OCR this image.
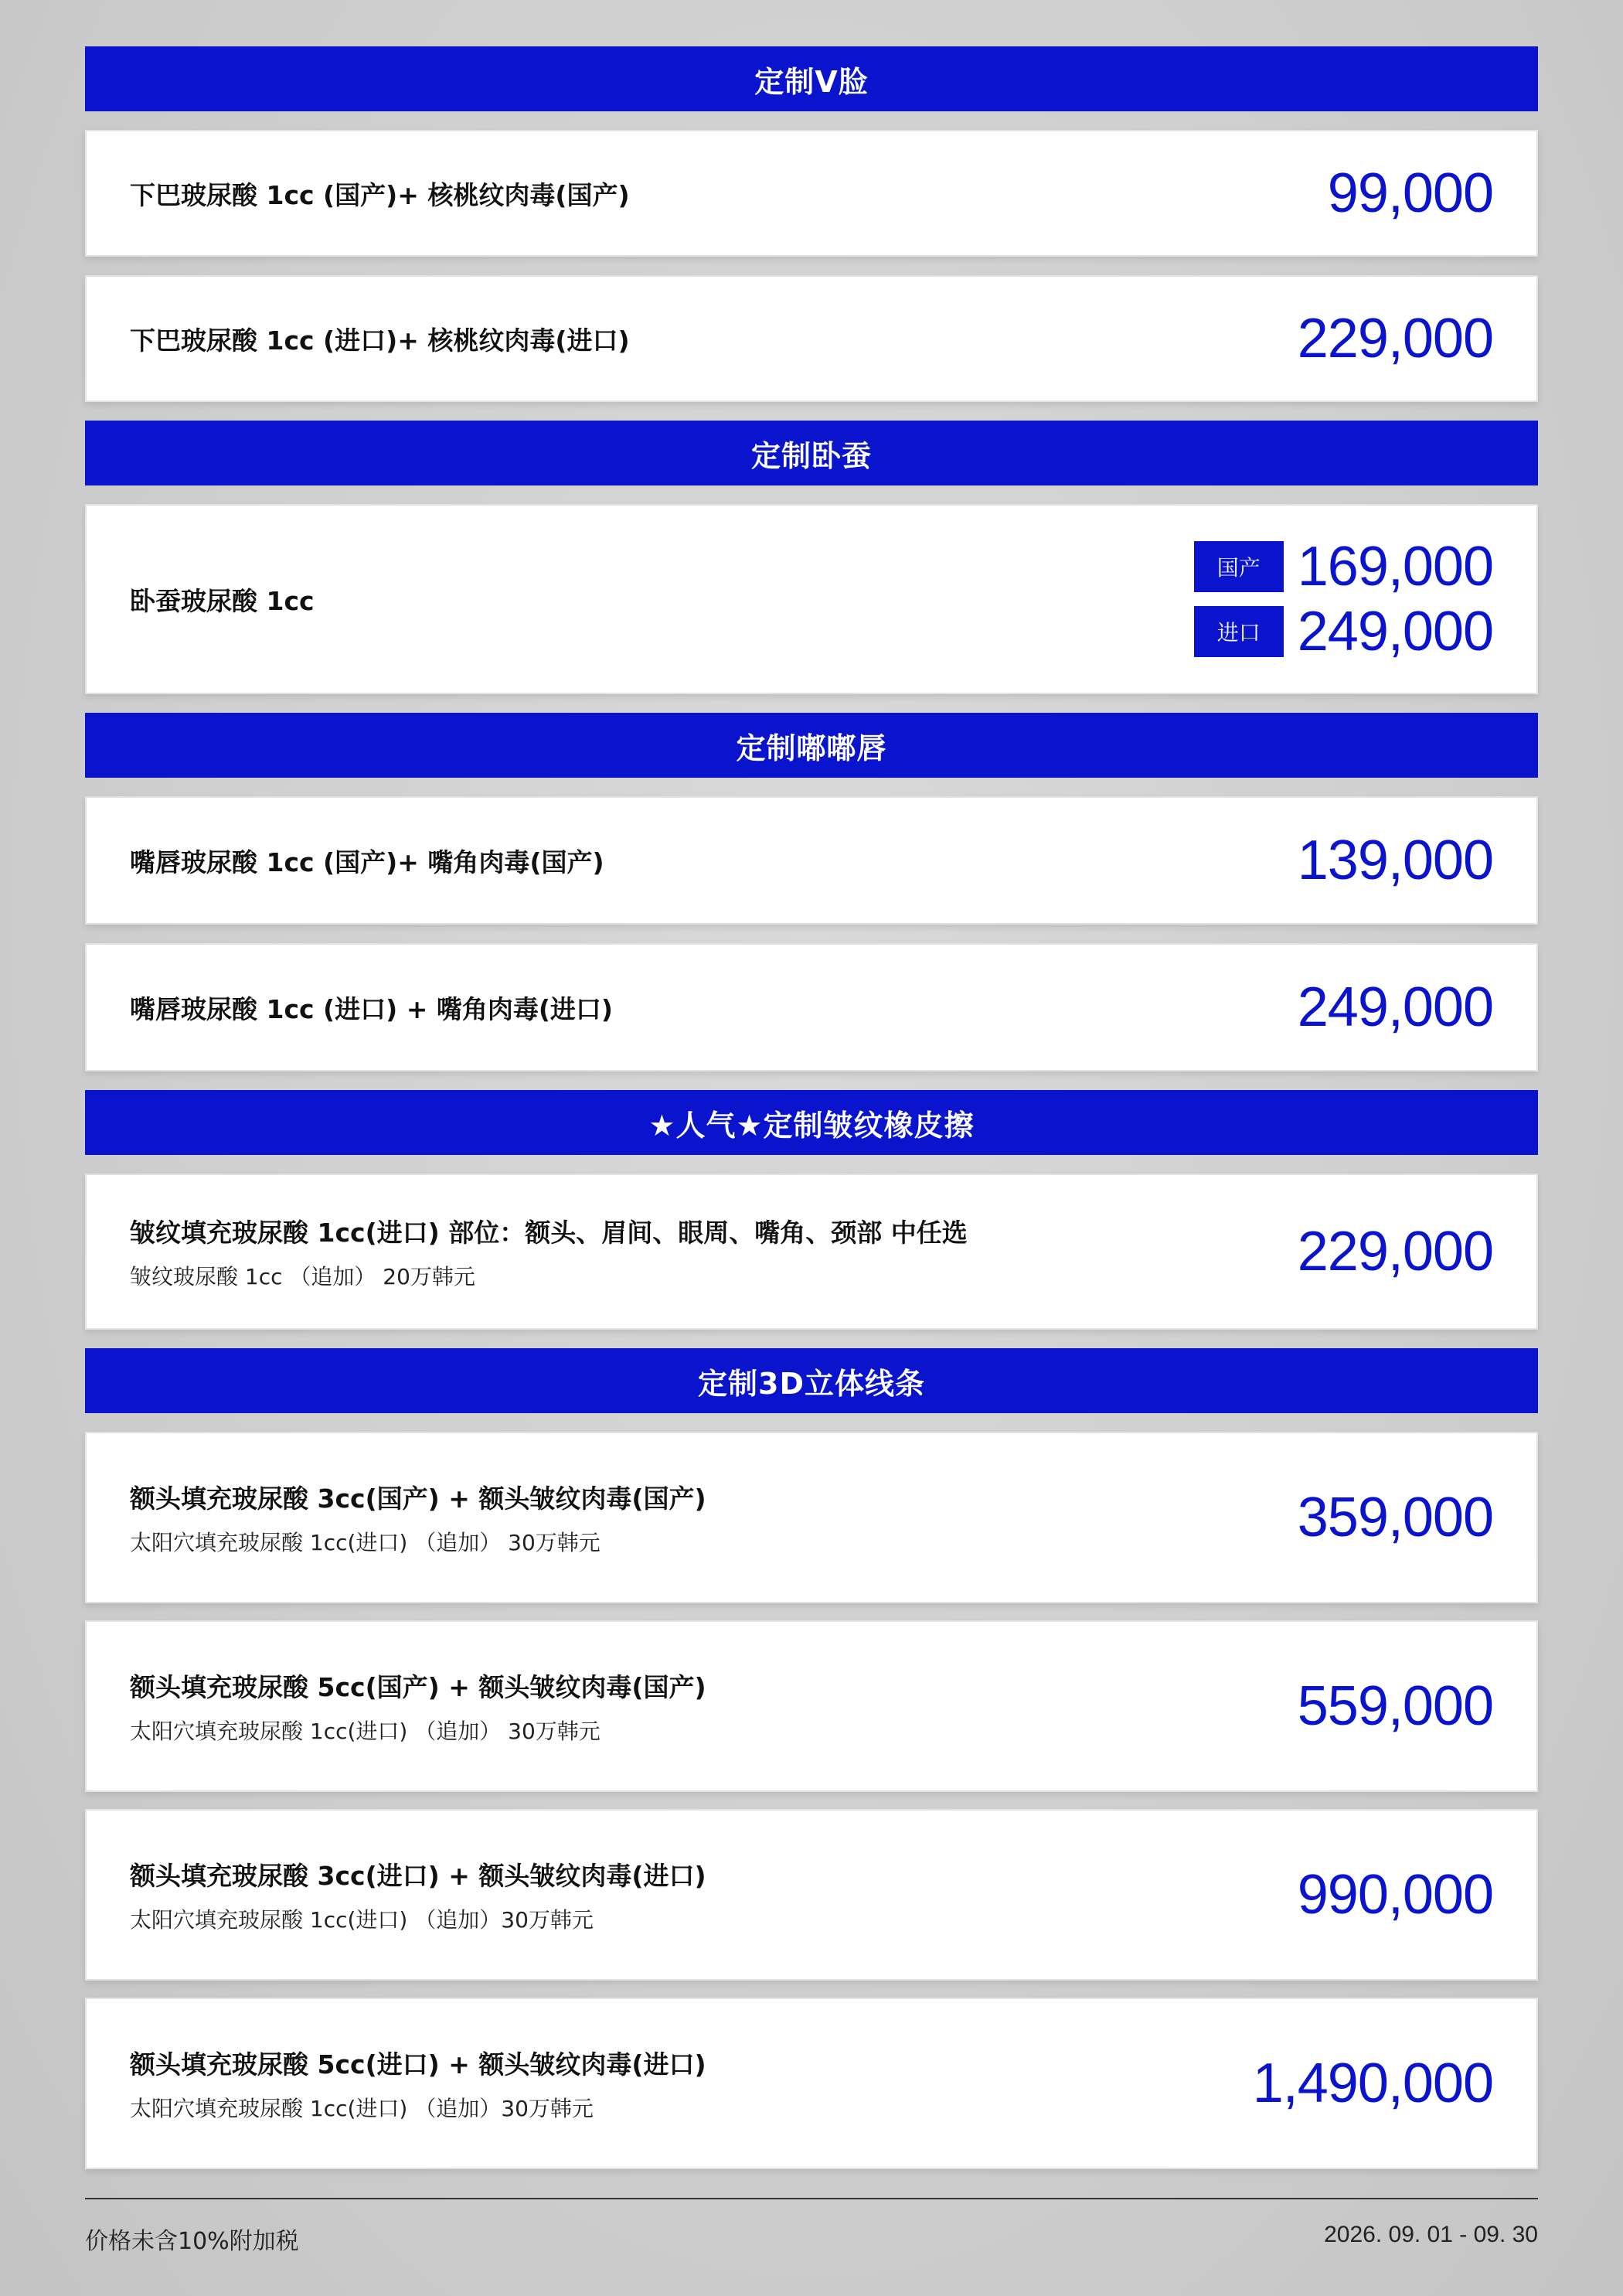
定制V脸
下巴玻尿酸 1cc (国产)+ 核桃纹肉毒(国产)	99,000
下巴玻尿酸 1cc (进口)+ 核桃纹肉毒(进口)	229,000
定制卧蚕
卧蚕玻尿酸 1cc
国产 169,000
进口 249,000
定制嘟嘟唇
嘴唇玻尿酸 1cc (国产)+ 嘴角肉毒(国产)	139,000
嘴唇玻尿酸 1cc (进口) + 嘴角肉毒(进口)	249,000
★人气★定制皱纹橡皮擦
皱纹填充玻尿酸 1cc(进口) 部位：额头、眉间、眼周、嘴角、颈部 中任选
皱纹玻尿酸 1cc （追加） 20万韩元	229,000
定制3D立体线条
额头填充玻尿酸 3cc(国产) + 额头皱纹肉毒(国产)
太阳穴填充玻尿酸 1cc(进口) （追加） 30万韩元	359,000
额头填充玻尿酸 5cc(国产) + 额头皱纹肉毒(国产)
太阳穴填充玻尿酸 1cc(进口) （追加） 30万韩元	559,000
额头填充玻尿酸 3cc(进口) + 额头皱纹肉毒(进口)
太阳穴填充玻尿酸 1cc(进口) （追加）30万韩元	990,000
额头填充玻尿酸 5cc(进口) + 额头皱纹肉毒(进口)
太阳穴填充玻尿酸 1cc(进口) （追加）30万韩元	1,490,000
价格未含10%附加税	2026. 09. 01 - 09. 30
